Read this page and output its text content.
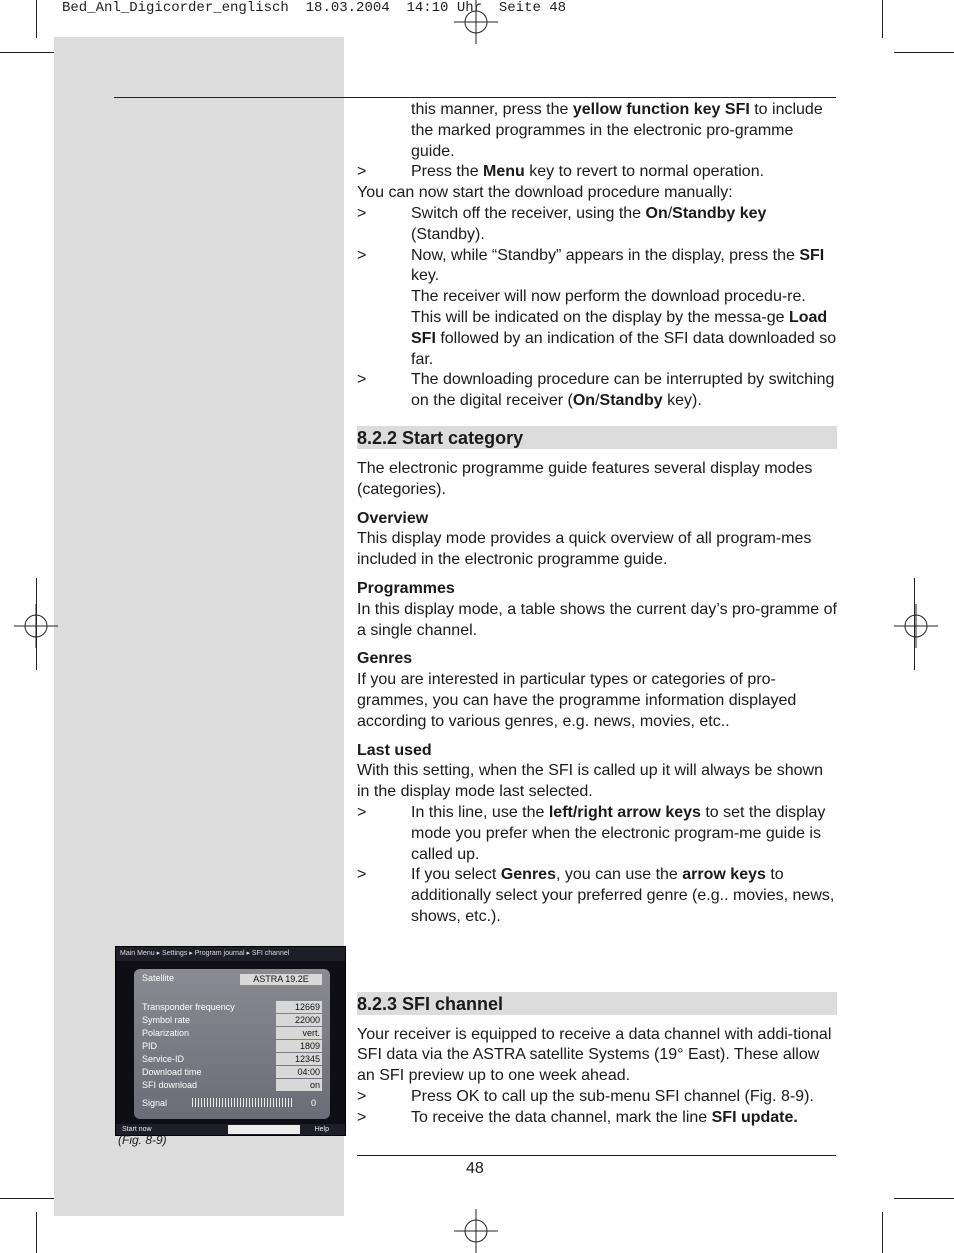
Bed_Anl_Digicorder_englisch  18.03.2004  14:10 Uhr  Seite 48

this manner, press the yellow function key SFI to include the marked programmes in the electronic pro-gramme guide.

>	Press the Menu key to revert to normal operation.

You can now start the download procedure manually:

>	Switch off the receiver, using the On/Standby key (Standby).

>	Now, while “Standby” appears in the display, press the SFI key.

The receiver will now perform the download procedu-re. This will be indicated on the display by the messa-ge Load SFI followed by an indication of the SFI data downloaded so far.

>	The downloading procedure can be interrupted by switching on the digital receiver (On/Standby key).

8.2.2 Start category

The electronic programme guide features several display modes (categories).

Overview

This display mode provides a quick overview of all program-mes included in the electronic programme guide.

Programmes

In this display mode, a table shows the current day’s pro-gramme of a single channel.

Genres

If you are interested in particular types or categories of pro-grammes, you can have the programme information displayed according to various genres, e.g. news, movies, etc..

Last used

With this setting, when the SFI is called up it will always be shown in the display mode last selected.

>	In this line, use the left/right arrow keys to set the display mode you prefer when the electronic program-me guide is called up.

>	If you select Genres, you can use the arrow keys to additionally select your preferred genre (e.g.. movies, news, shows, etc.).

8.2.3 SFI channel

Your receiver is equipped to receive a data channel with addi-tional SFI data via the ASTRA satellite Systems (19° East). These allow an SFI preview up to one week ahead.

>	Press OK to call up the sub-menu SFI channel (Fig. 8-9).

>	To receive the data channel, mark the line SFI update.

Main Menu ▸ Settings ▸ Program journal ▸ SFI channel
Satellite	ASTRA 19.2E
Transponder frequency	12669
Symbol rate	22000
Polarization	vert.
PID	1809
Service-ID	12345
Download time	04:00
SFI download	on
Signal	0
Start now	Help
(Fig. 8-9)
48
